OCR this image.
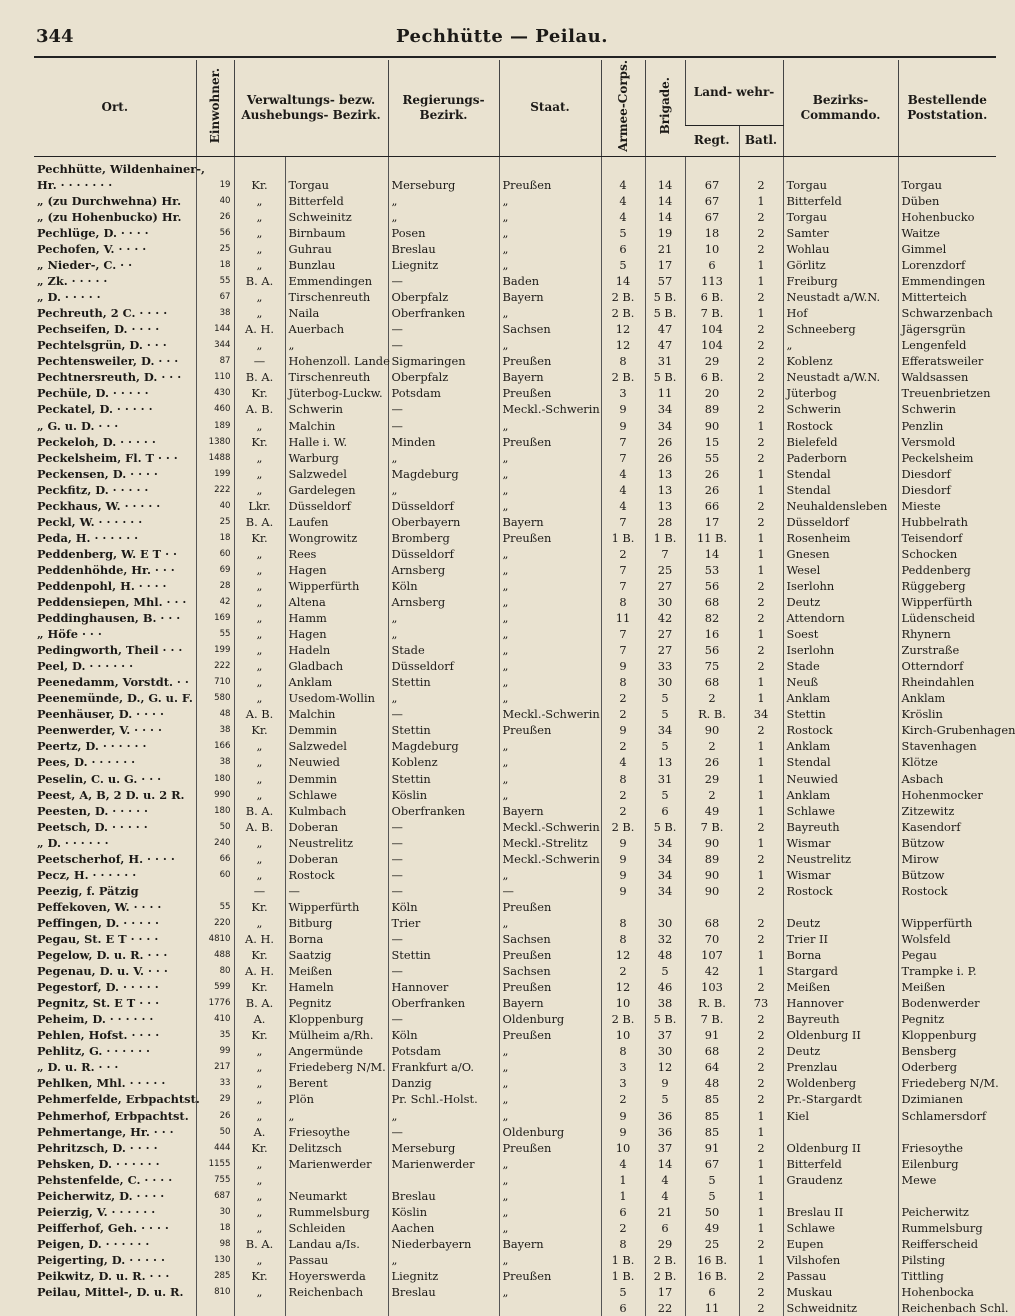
344	Pechhütte — Peilau.
Ort.	Einwohner.	Verwaltungs- bezw. Aushebungs- Bezirk.		Regierungs- Bezirk.	Staat.	Armee-Corps.	Brigade.	Land- wehr-		Bezirks- Commando.	Bestellende Poststation.
								Regt.	Batl.		
Pechhütte, Wildenhainer-,											
Hr. · · · · · · ·	19	Kr.	Torgau	Merseburg	Preußen	4	14	67	2	Torgau	Torgau
„ (zu Durchwehna) Hr.	40	„	Bitterfeld	„	„	4	14	67	1	Bitterfeld	Düben
„ (zu Hohenbucko) Hr.	26	„	Schweinitz	„	„	4	14	67	2	Torgau	Hohenbucko
Pechlüge, D. · · · ·	56	„	Birnbaum	Posen	„	5	19	18	2	Samter	Waitze
Pechofen, V. · · · ·	25	„	Guhrau	Breslau	„	6	21	10	2	Wohlau	Gimmel
„ Nieder-, C. · ·	18	„	Bunzlau	Liegnitz	„	5	17	6	1	Görlitz	Lorenzdorf
„ Zk. · · · · ·	55	B. A.	Emmendingen	—	Baden	14	57	113	1	Freiburg	Emmendingen
„ D. · · · · ·	67	„	Tirschenreuth	Oberpfalz	Bayern	2 B.	5 B.	6 B.	2	Neustadt a/W.N.	Mitterteich
Pechreuth, 2 C. · · · ·	38	„	Naila	Oberfranken	„	2 B.	5 B.	7 B.	1	Hof	Schwarzenbach
Pechseifen, D. · · · ·	144	A. H.	Auerbach	—	Sachsen	12	47	104	2	Schneeberg	Jägersgrün
Pechtelsgrün, D. · · ·	344	„	„	—	„	12	47	104	2	„	Lengenfeld
Pechtensweiler, D. · · ·	87	—	Hohenzoll. Lande	Sigmaringen	Preußen	8	31	29	2	Koblenz	Efferatsweiler
Pechtnersreuth, D. · · ·	110	B. A.	Tirschenreuth	Oberpfalz	Bayern	2 B.	5 B.	6 B.	2	Neustadt a/W.N.	Waldsassen
Pechüle, D. · · · · ·	430	Kr.	Jüterbog-Luckw.	Potsdam	Preußen	3	11	20	2	Jüterbog	Treuenbrietzen
Peckatel, D. · · · · ·	460	A. B.	Schwerin	—	Meckl.-Schwerin	9	34	89	2	Schwerin	Schwerin
„ G. u. D. · · ·	189	„	Malchin	—	„	9	34	90	1	Rostock	Penzlin
Peckeloh, D. · · · · ·	1380	Kr.	Halle i. W.	Minden	Preußen	7	26	15	2	Bielefeld	Versmold
Peckelsheim, Fl. T · · ·	1488	„	Warburg	„	„	7	26	55	2	Paderborn	Peckelsheim
Peckensen, D. · · · ·	199	„	Salzwedel	Magdeburg	„	4	13	26	1	Stendal	Diesdorf
Peckfitz, D. · · · · ·	222	„	Gardelegen	„	„	4	13	26	1	Stendal	Diesdorf
Peckhaus, W. · · · · ·	40	Lkr.	Düsseldorf	Düsseldorf	„	4	13	66	2	Neuhaldensleben	Mieste
Peckl, W. · · · · · ·	25	B. A.	Laufen	Oberbayern	Bayern	7	28	17	2	Düsseldorf	Hubbelrath
Peda, H. · · · · · ·	18	Kr.	Wongrowitz	Bromberg	Preußen	1 B.	1 B.	11 B.	1	Rosenheim	Teisendorf
Peddenberg, W. E T · ·	60	„	Rees	Düsseldorf	„	2	7	14	1	Gnesen	Schocken
Peddenhöhde, Hr. · · ·	69	„	Hagen	Arnsberg	„	7	25	53	1	Wesel	Peddenberg
Peddenpohl, H. · · · ·	28	„	Wipperfürth	Köln	„	7	27	56	2	Iserlohn	Rüggeberg
Peddensiepen, Mhl. · · ·	42	„	Altena	Arnsberg	„	8	30	68	2	Deutz	Wipperfürth
Peddinghausen, B. · · ·	169	„	Hamm	„	„	11	42	82	2	Attendorn	Lüdenscheid
„ Höfe · · ·	55	„	Hagen	„	„	7	27	16	1	Soest	Rhynern
Pedingworth, Theil · · ·	199	„	Hadeln	Stade	„	7	27	56	2	Iserlohn	Zurstraße
Peel, D. · · · · · ·	222	„	Gladbach	Düsseldorf	„	9	33	75	2	Stade	Otterndorf
Peenedamm, Vorstdt. · ·	710	„	Anklam	Stettin	„	8	30	68	1	Neuß	Rheindahlen
Peenemünde, D., G. u. F.	580	„	Usedom-Wollin	„	„	2	5	2	1	Anklam	Anklam
Peenhäuser, D. · · · ·	48	A. B.	Malchin	—	Meckl.-Schwerin	2	5	R. B.	34	Stettin	Kröslin
Peenwerder, V. · · · ·	38	Kr.	Demmin	Stettin	Preußen	9	34	90	2	Rostock	Kirch-Grubenhagen
Peertz, D. · · · · · ·	166	„	Salzwedel	Magdeburg	„	2	5	2	1	Anklam	Stavenhagen
Pees, D. · · · · · ·	38	„	Neuwied	Koblenz	„	4	13	26	1	Stendal	Klötze
Peselin, C. u. G. · · ·	180	„	Demmin	Stettin	„	8	31	29	1	Neuwied	Asbach
Peest, A, B, 2 D. u. 2 R.	990	„	Schlawe	Köslin	„	2	5	2	1	Anklam	Hohenmocker
Peesten, D. · · · · ·	180	B. A.	Kulmbach	Oberfranken	Bayern	2	6	49	1	Schlawe	Zitzewitz
Peetsch, D. · · · · ·	50	A. B.	Doberan	—	Meckl.-Schwerin	2 B.	5 B.	7 B.	2	Bayreuth	Kasendorf
„ D. · · · · · ·	240	„	Neustrelitz	—	Meckl.-Strelitz	9	34	90	1	Wismar	Bützow
Peetscherhof, H. · · · ·	66	„	Doberan	—	Meckl.-Schwerin	9	34	89	2	Neustrelitz	Mirow
Pecz, H. · · · · · ·	60	„	Rostock	—	„	9	34	90	1	Wismar	Bützow
Peezig, f. Pätzig		—	—	—	—	9	34	90	2	Rostock	Rostock
Peffekoven, W. · · · ·	55	Kr.	Wipperfürth	Köln	Preußen						
Peffingen, D. · · · · ·	220	„	Bitburg	Trier	„	8	30	68	2	Deutz	Wipperfürth
Pegau, St. E T · · · ·	4810	A. H.	Borna	—	Sachsen	8	32	70	2	Trier II	Wolsfeld
Pegelow, D. u. R. · · ·	488	Kr.	Saatzig	Stettin	Preußen	12	48	107	1	Borna	Pegau
Pegenau, D. u. V. · · ·	80	A. H.	Meißen	—	Sachsen	2	5	42	1	Stargard	Trampke i. P.
Pegestorf, D. · · · · ·	599	Kr.	Hameln	Hannover	Preußen	12	46	103	2	Meißen	Meißen
Pegnitz, St. E T · · ·	1776	B. A.	Pegnitz	Oberfranken	Bayern	10	38	R. B.	73	Hannover	Bodenwerder
Peheim, D. · · · · · ·	410	A.	Kloppenburg	—	Oldenburg	2 B.	5 B.	7 B.	2	Bayreuth	Pegnitz
Pehlen, Hofst. · · · ·	35	Kr.	Mülheim a/Rh.	Köln	Preußen	10	37	91	2	Oldenburg II	Kloppenburg
Pehlitz, G. · · · · · ·	99	„	Angermünde	Potsdam	„	8	30	68	2	Deutz	Bensberg
„ D. u. R. · · ·	217	„	Friedeberg N/M.	Frankfurt a/O.	„	3	12	64	2	Prenzlau	Oderberg
Pehlken, Mhl. · · · · ·	33	„	Berent	Danzig	„	3	9	48	2	Woldenberg	Friedeberg N/M.
Pehmerfelde, Erbpachtst.	29	„	Plön	Pr. Schl.-Holst.	„	2	5	85	2	Pr.-Stargardt	Dzimianen
Pehmerhof, Erbpachtst.	26	„	„	„	„	9	36	85	1	Kiel	Schlamersdorf
Pehmertange, Hr. · · ·	50	A.	Friesoythe	—	Oldenburg	9	36	85	1		
Pehritzsch, D. · · · ·	444	Kr.	Delitzsch	Merseburg	Preußen	10	37	91	2	Oldenburg II	Friesoythe
Pehsken, D. · · · · · ·	1155	„	Marienwerder	Marienwerder	„	4	14	67	1	Bitterfeld	Eilenburg
Pehstenfelde, C. · · · ·	755	„			„	1	4	5	1	Graudenz	Mewe
Peicherwitz, D. · · · ·	687	„	Neumarkt	Breslau	„	1	4	5	1		
Peierzig, V. · · · · · ·	30	„	Rummelsburg	Köslin	„	6	21	50	1	Breslau II	Peicherwitz
Peifferhof, Geh. · · · ·	18	„	Schleiden	Aachen	„	2	6	49	1	Schlawe	Rummelsburg
Peigen, D. · · · · · ·	98	B. A.	Landau a/Is.	Niederbayern	Bayern	8	29	25	2	Eupen	Reifferscheid
Peigerting, D. · · · · ·	130	„	Passau	„	„	1 B.	2 B.	16 B.	1	Vilshofen	Pilsting
Peikwitz, D. u. R. · · ·	285	Kr.	Hoyerswerda	Liegnitz	Preußen	1 B.	2 B.	16 B.	2	Passau	Tittling
Peilau, Mittel-, D. u. R.	810	„	Reichenbach	Breslau	„	5	17	6	2	Muskau	Hohenbocka
						6	22	11	2	Schweidnitz	Reichenbach Schl.
